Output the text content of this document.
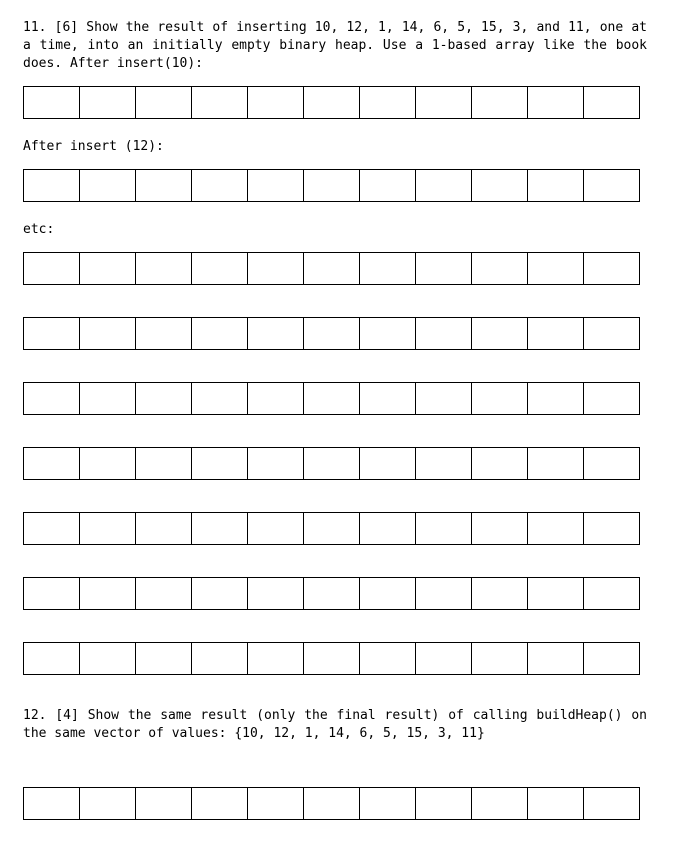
11. [6] Show the result of inserting 10, 12, 1, 14, 6, 5, 15, 3, and 11, one at a time, into an initially empty binary heap. Use a 1-based array like the book does. After insert(10):
After insert (12):
etc:
12. [4] Show the same result (only the final result) of calling buildHeap() on the same vector of values: {10, 12, 1, 14, 6, 5, 15, 3, 11}
